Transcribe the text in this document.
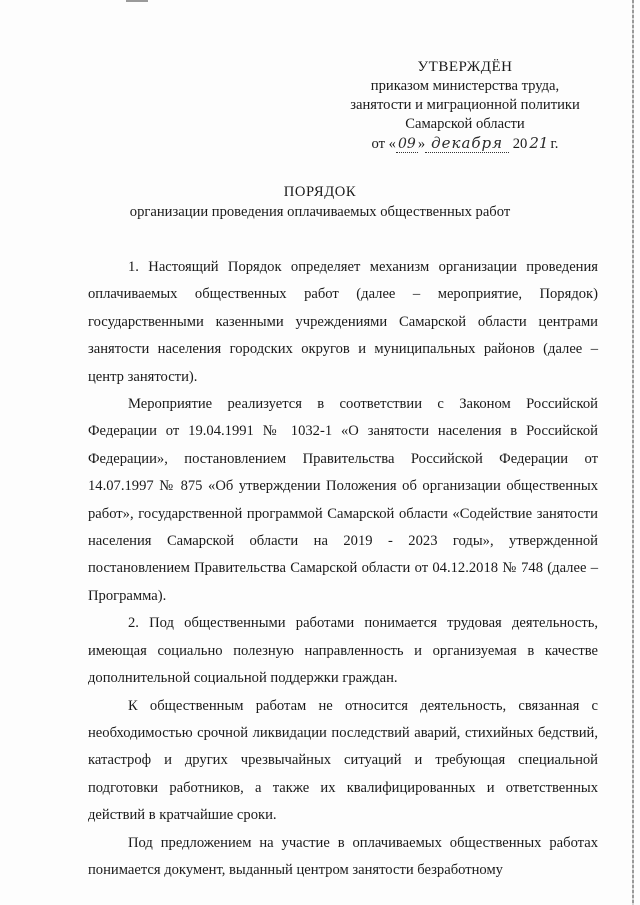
УТВЕРЖДЁН
приказом министерства труда,
занятости и миграционной политики
Самарской области
от « 09 » декабря 20 21 г.
ПОРЯДОК
организации проведения оплачиваемых общественных работ

1. Настоящий Порядок определяет механизм организации проведения оплачиваемых общественных работ (далее – мероприятие, Порядок) государственными казенными учреждениями Самарской области центрами занятости населения городских округов и муниципальных районов (далее – центр занятости).

Мероприятие реализуется в соответствии с Законом Российской Федерации от 19.04.1991 № 1032-1 «О занятости населения в Российской Федерации», постановлением Правительства Российской Федерации от 14.07.1997 № 875 «Об утверждении Положения об организации общественных работ», государственной программой Самарской области «Содействие занятости населения Самарской области на 2019 - 2023 годы», утвержденной постановлением Правительства Самарской области от 04.12.2018 № 748 (далее – Программа).

2. Под общественными работами понимается трудовая деятельность, имеющая социально полезную направленность и организуемая в качестве дополнительной социальной поддержки граждан.

К общественным работам не относится деятельность, связанная с необходимостью срочной ликвидации последствий аварий, стихийных бедствий, катастроф и других чрезвычайных ситуаций и требующая специальной подготовки работников, а также их квалифицированных и ответственных действий в кратчайшие сроки.

Под предложением на участие в оплачиваемых общественных работах понимается документ, выданный центром занятости безработному
